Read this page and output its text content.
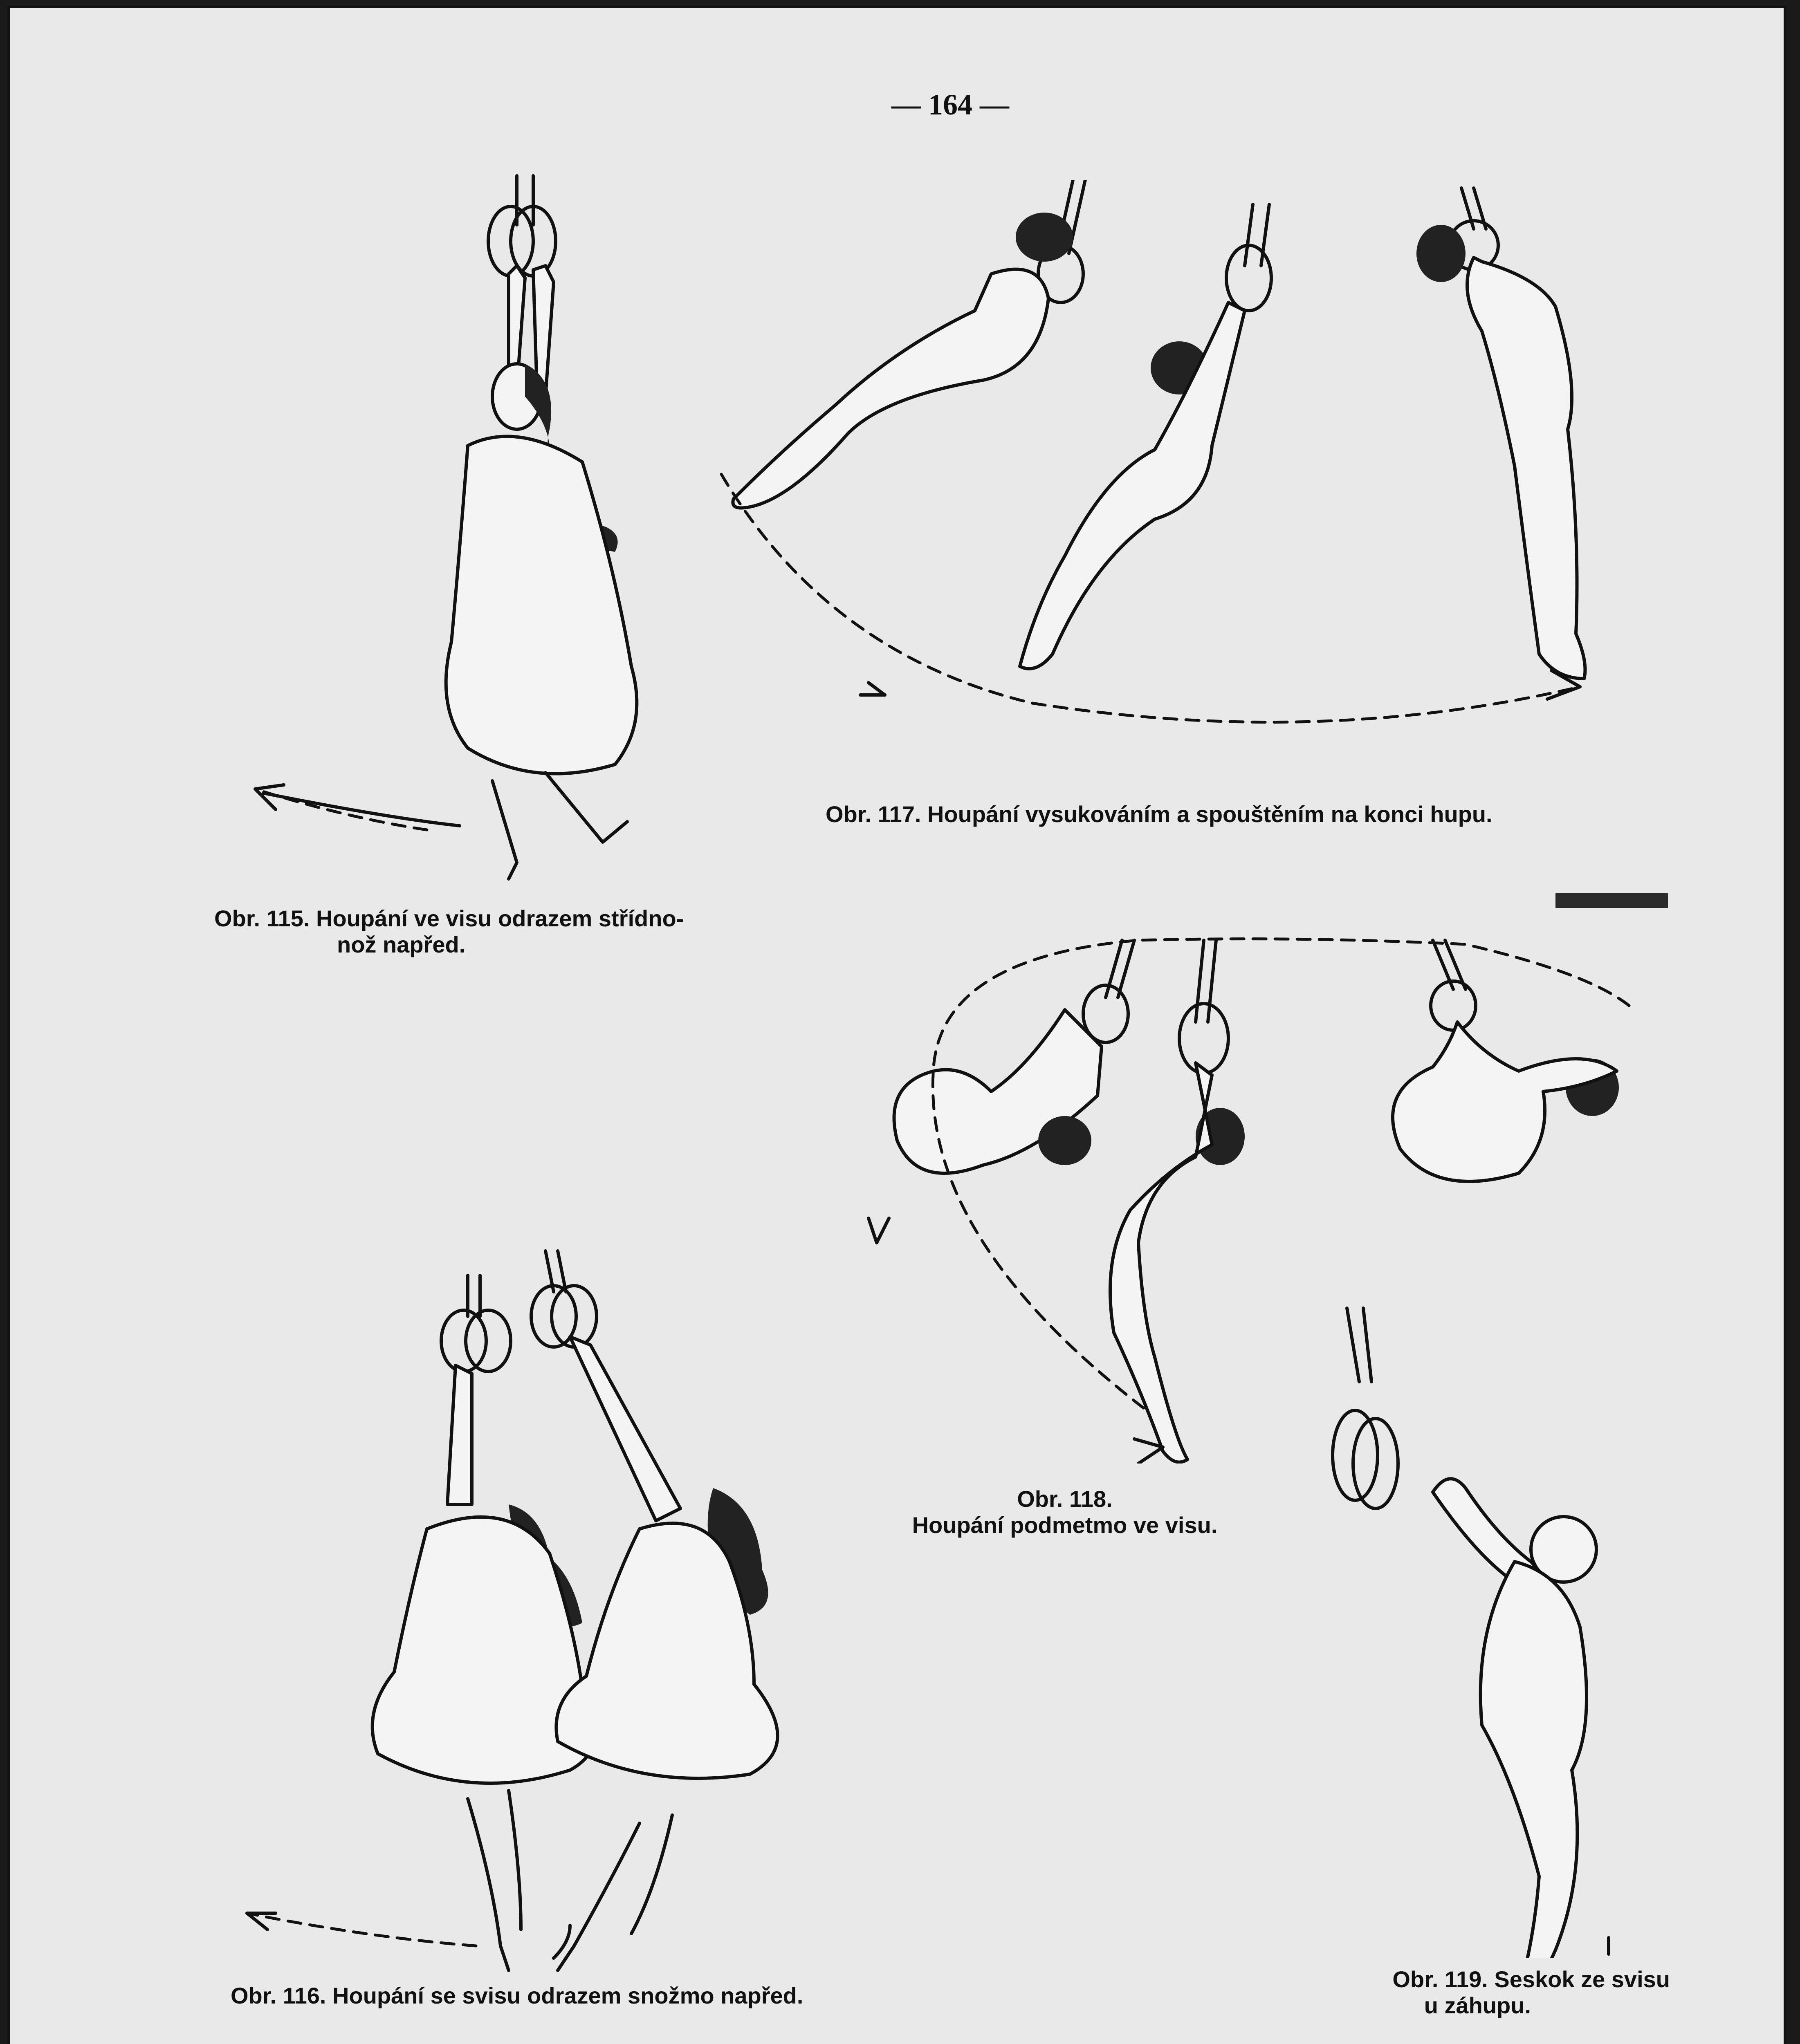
— 164 —
Obr. 115. Houpání ve visu odrazem střídno-
nož napřed.
Obr. 117. Houpání vysukováním a spouštěním na konci hupu.
Obr. 118.
Houpání podmetmo ve visu.
Obr. 116. Houpání se svisu odrazem snožmo napřed.
Obr. 119. Seskok ze svisu
u záhupu.
